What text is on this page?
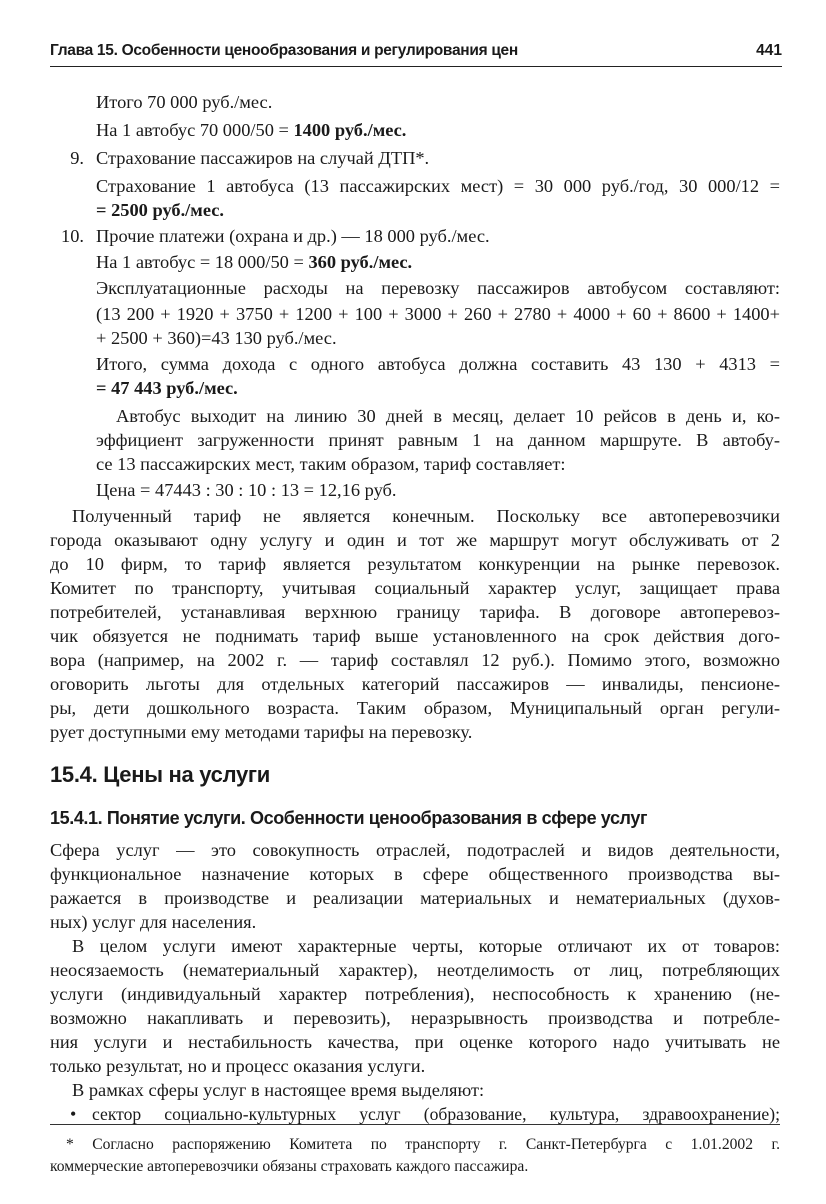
Глава 15. Особенности ценообразования и регулирования цен	441
Итого 70 000 руб./мес.
На 1 автобус 70 000/50 = 1400 руб./мес.
9. Страхование пассажиров на случай ДТП*.
Страхование 1 автобуса (13 пассажирских мест) = 30 000 руб./год, 30 000/12 =
= 2500 руб./мес.
10. Прочие платежи (охрана и др.) — 18 000 руб./мес.
На 1 автобус = 18 000/50 = 360 руб./мес.
Эксплуатационные расходы на перевозку пассажиров автобусом составляют:
(13 200 + 1920 + 3750 + 1200 + 100 + 3000 + 260 + 2780 + 4000 + 60 + 8600 + 1400+
+ 2500 + 360)=43 130 руб./мес.
Итого, сумма дохода с одного автобуса должна составить 43 130 + 4313 =
= 47 443 руб./мес.
Автобус выходит на линию 30 дней в месяц, делает 10 рейсов в день и, ко-
эффициент загруженности принят равным 1 на данном маршруте. В автобу-
се 13 пассажирских мест, таким образом, тариф составляет:
Цена = 47443 : 30 : 10 : 13 = 12,16 руб.
Полученный тариф не является конечным. Поскольку все автоперевозчики
города оказывают одну услугу и один и тот же маршрут могут обслуживать от 2
до 10 фирм, то тариф является результатом конкуренции на рынке перевозок.
Комитет по транспорту, учитывая социальный характер услуг, защищает права
потребителей, устанавливая верхнюю границу тарифа. В договоре автоперевоз-
чик обязуется не поднимать тариф выше установленного на срок действия дого-
вора (например, на 2002 г. — тариф составлял 12 руб.). Помимо этого, возможно
оговорить льготы для отдельных категорий пассажиров — инвалиды, пенсионе-
ры, дети дошкольного возраста. Таким образом, Муниципальный орган регули-
рует доступными ему методами тарифы на перевозку.
15.4. Цены на услуги
15.4.1. Понятие услуги. Особенности ценообразования в сфере услуг
Сфера услуг — это совокупность отраслей, подотраслей и видов деятельности,
функциональное назначение которых в сфере общественного производства вы-
ражается в производстве и реализации материальных и нематериальных (духов-
ных) услуг для населения.
В целом услуги имеют характерные черты, которые отличают их от товаров:
неосязаемость (нематериальный характер), неотделимость от лиц, потребляющих
услуги (индивидуальный характер потребления), неспособность к хранению (не-
возможно накапливать и перевозить), неразрывность производства и потребле-
ния услуги и нестабильность качества, при оценке которого надо учитывать не
только результат, но и процесс оказания услуги.
В рамках сферы услуг в настоящее время выделяют:
• сектор социально-культурных услуг (образование, культура, здравоохранение);
* Согласно распоряжению Комитета по транспорту г. Санкт-Петербурга с 1.01.2002 г.
коммерческие автоперевозчики обязаны страховать каждого пассажира.
